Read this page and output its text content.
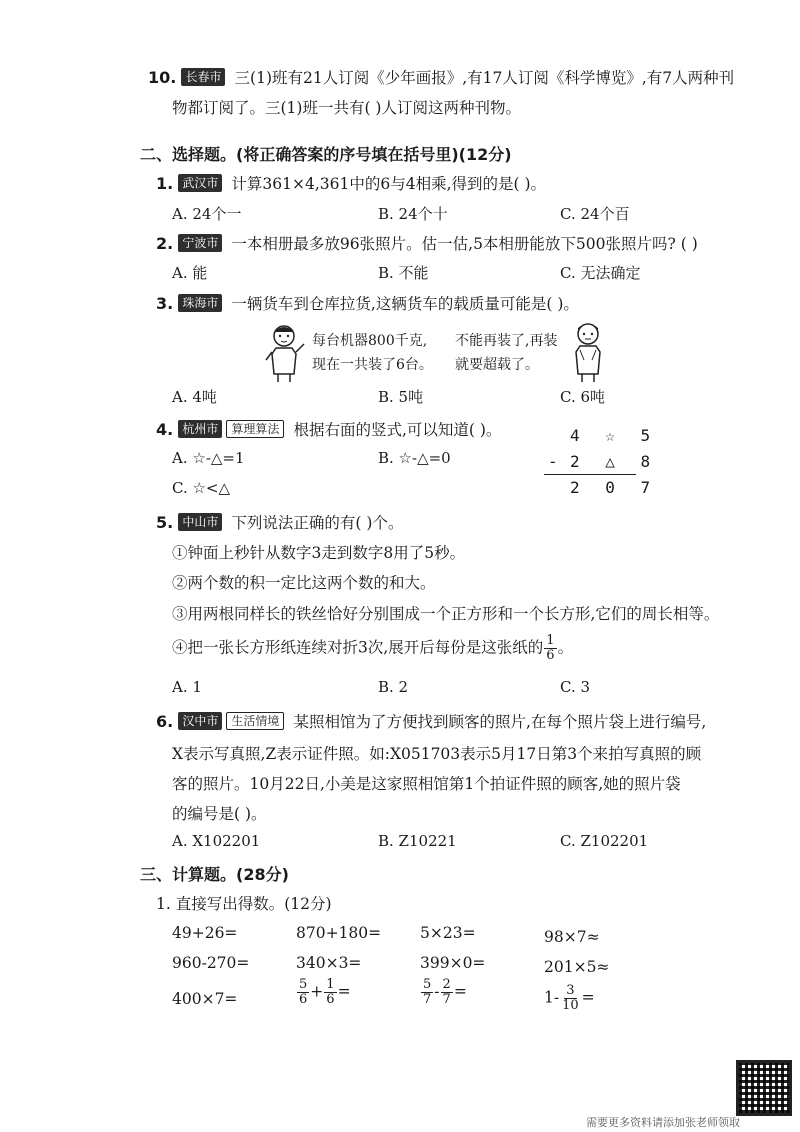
10. 长春市 三(1)班有21人订阅《少年画报》,有17人订阅《科学博览》,有7人两种刊
物都订阅了。三(1)班一共有( )人订阅这两种刊物。
二、选择题。(将正确答案的序号填在括号里)(12分)
1. 武汉市 计算361×4,361中的6与4相乘,得到的是( )。
A. 24个一	B. 24个十	C. 24个百
2. 宁波市 一本相册最多放96张照片。估一估,5本相册能放下500张照片吗? ( )
A. 能	B. 不能	C. 无法确定
3. 珠海市 一辆货车到仓库拉货,这辆货车的载质量可能是( )。
每台机器800千克,
现在一共装了6台。
不能再装了,再装
就要超载了。
A. 4吨	B. 5吨	C. 6吨
4. 杭州市 算理算法 根据右面的竖式,可以知道( )。
A. ☆-△=1	B. ☆-△=0
C. ☆<△
4 ☆ 5
- 2 △ 8
2 0 7
5. 中山市 下列说法正确的有( )个。
①钟面上秒针从数字3走到数字8用了5秒。
②两个数的积一定比这两个数的和大。
③用两根同样长的铁丝恰好分别围成一个正方形和一个长方形,它们的周长相等。
④把一张长方形纸连续对折3次,展开后每份是这张纸的 $\frac{1}{6}$ 。
A. 1	B. 2	C. 3
6. 汉中市 生活情境 某照相馆为了方便找到顾客的照片,在每个照片袋上进行编号,
X表示写真照,Z表示证件照。如:X051703表示5月17日第3个来拍写真照的顾
客的照片。10月22日,小美是这家照相馆第1个拍证件照的顾客,她的照片袋
的编号是( )。
A. X102201	B. Z10221	C. Z102201
三、计算题。(28分)
1. 直接写出得数。(12分)
49+26=	870+180=	5×23=	98×7≈
960-270=	340×3=	399×0=	201×5≈
400×7=	$\frac{5}{6} + \frac{1}{6}$ =	$\frac{5}{7} - \frac{2}{7}$ =	$1- \frac{3}{10}$ =
需要更多资料请添加张老师领取
